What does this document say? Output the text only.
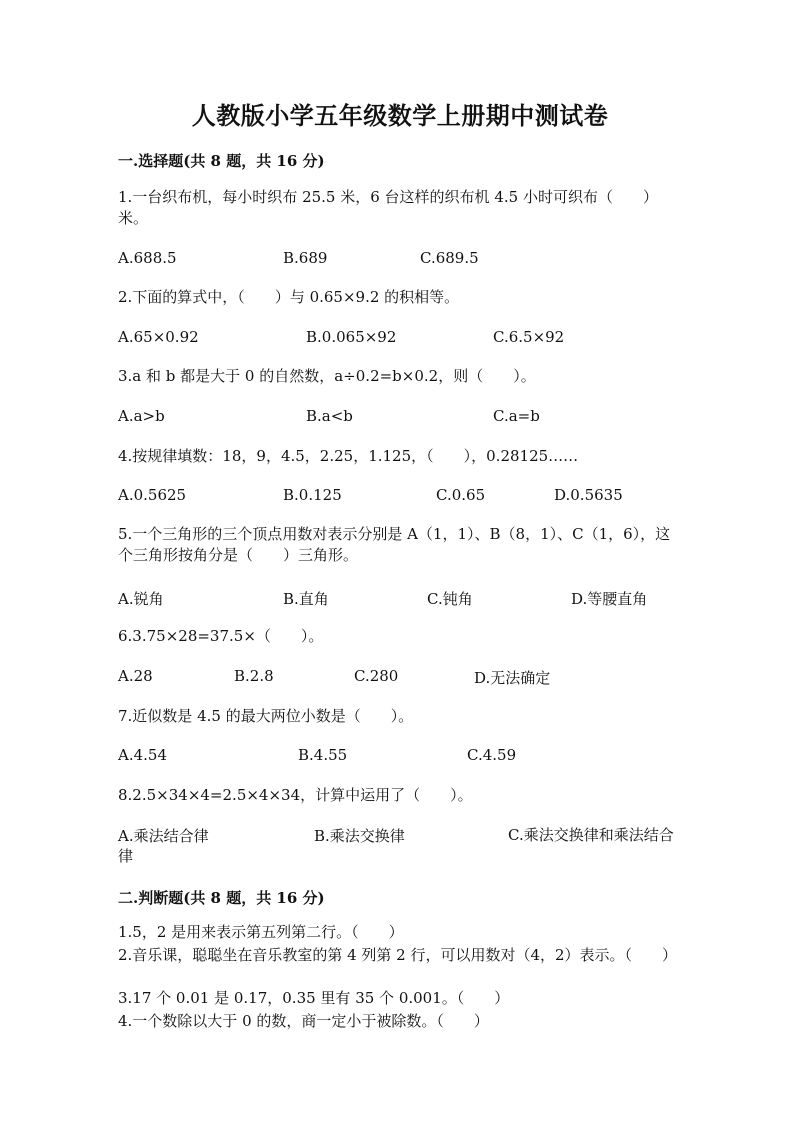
人教版小学五年级数学上册期中测试卷
一.选择题(共 8 题，共 16 分)
1.一台织布机，每小时织布 25.5 米，6 台这样的织布机 4.5 小时可织布（　　）米。
A.688.5	B.689	C.689.5
2.下面的算式中，（　　）与 0.65×9.2 的积相等。
A.65×0.92	B.0.065×92	C.6.5×92
3.a 和 b 都是大于 0 的自然数，a÷0.2=b×0.2，则（　　）。
A.a>b	B.a<b	C.a=b
4.按规律填数：18，9，4.5，2.25，1.125，（　　），0.28125……
A.0.5625	B.0.125	C.0.65	D.0.5635
5.一个三角形的三个顶点用数对表示分别是 A（1，1）、B（8，1）、C（1，6），这个三角形按角分是（　　）三角形。
A.锐角	B.直角	C.钝角	D.等腰直角
6.3.75×28=37.5×（　　）。
A.28	B.2.8	C.280	D.无法确定
7.近似数是 4.5 的最大两位小数是（　　）。
A.4.54	B.4.55	C.4.59
8.2.5×34×4=2.5×4×34，计算中运用了（　　）。
A.乘法结合律	B.乘法交换律	C.乘法交换律和乘法结合律
二.判断题(共 8 题，共 16 分)
1.5，2 是用来表示第五列第二行。（　　）
2.音乐课，聪聪坐在音乐教室的第 4 列第 2 行，可以用数对（4，2）表示。（　　）
3.17 个 0.01 是 0.17，0.35 里有 35 个 0.001。（　　）
4.一个数除以大于 0 的数，商一定小于被除数。（　　）
